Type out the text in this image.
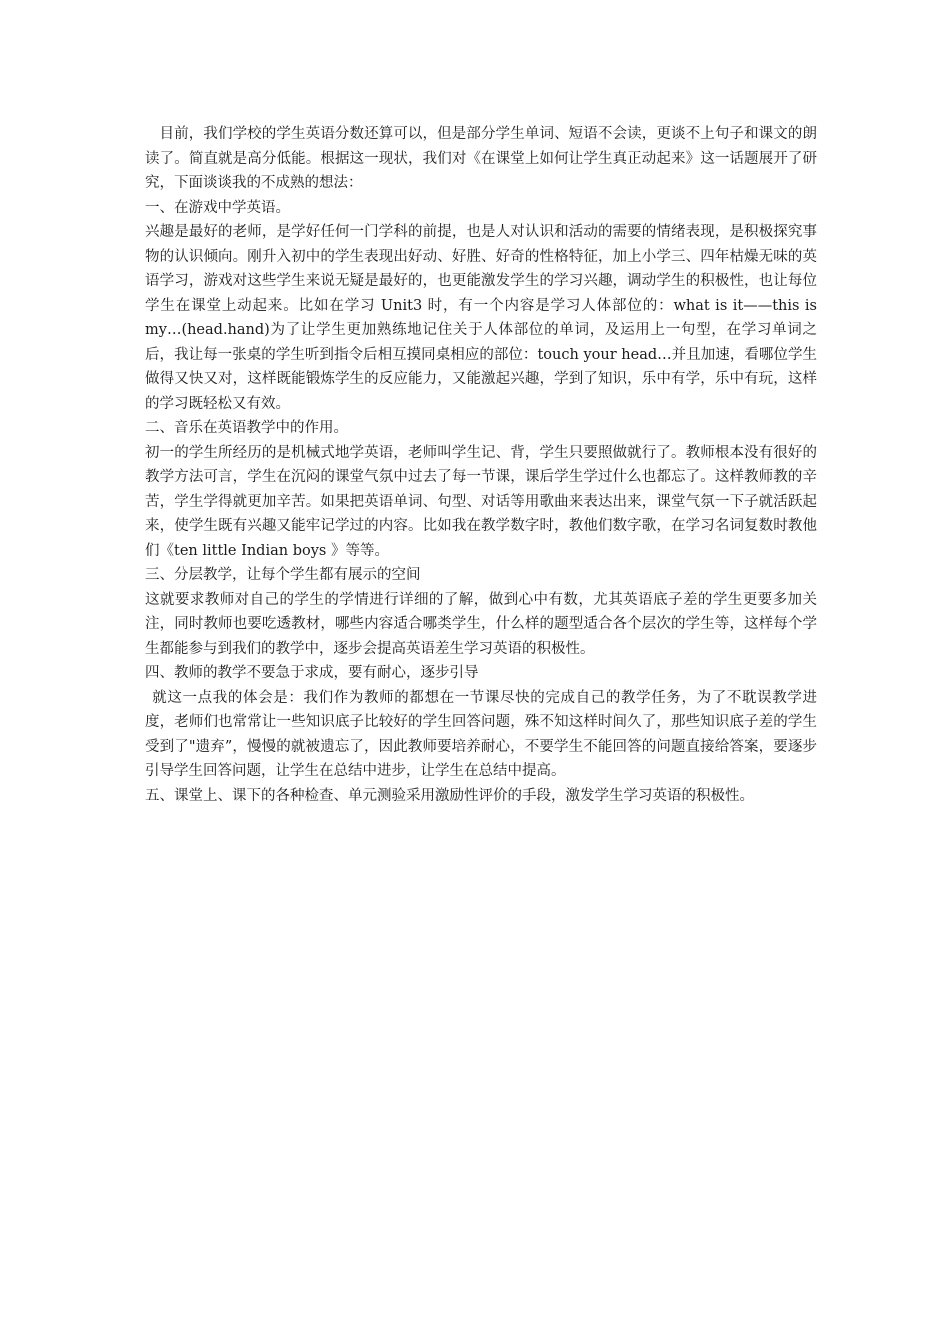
目前，我们学校的学生英语分数还算可以，但是部分学生单词、短语不会读，更谈不上句子和课文的朗读了。简直就是高分低能。根据这一现状，我们对《在课堂上如何让学生真正动起来》这一话题展开了研究，下面谈谈我的不成熟的想法：

一、在游戏中学英语。

兴趣是最好的老师，是学好任何一门学科的前提，也是人对认识和活动的需要的情绪表现，是积极探究事物的认识倾向。刚升入初中的学生表现出好动、好胜、好奇的性格特征，加上小学三、四年枯燥无味的英语学习，游戏对这些学生来说无疑是最好的，也更能激发学生的学习兴趣，调动学生的积极性，也让每位学生在课堂上动起来。比如在学习 Unit3 时，有一个内容是学习人体部位的：what is it——this is my…(head.hand)为了让学生更加熟练地记住关于人体部位的单词，及运用上一句型，在学习单词之后，我让每一张桌的学生听到指令后相互摸同桌相应的部位：touch your head…并且加速，看哪位学生做得又快又对，这样既能锻炼学生的反应能力，又能激起兴趣，学到了知识，乐中有学，乐中有玩，这样的学习既轻松又有效。

二、音乐在英语教学中的作用。

初一的学生所经历的是机械式地学英语，老师叫学生记、背，学生只要照做就行了。教师根本没有很好的教学方法可言，学生在沉闷的课堂气氛中过去了每一节课，课后学生学过什么也都忘了。这样教师教的辛苦，学生学得就更加辛苦。如果把英语单词、句型、对话等用歌曲来表达出来，课堂气氛一下子就活跃起来，使学生既有兴趣又能牢记学过的内容。比如我在教学数字时，教他们数字歌，在学习名词复数时教他们《ten little Indian boys 》等等。

三、分层教学，让每个学生都有展示的空间

这就要求教师对自己的学生的学情进行详细的了解，做到心中有数，尤其英语底子差的学生更要多加关注，同时教师也要吃透教材，哪些内容适合哪类学生，什么样的题型适合各个层次的学生等，这样每个学生都能参与到我们的教学中，逐步会提高英语差生学习英语的积极性。

四、教师的教学不要急于求成，要有耐心，逐步引导

就这一点我的体会是：我们作为教师的都想在一节课尽快的完成自己的教学任务，为了不耽误教学进度，老师们也常常让一些知识底子比较好的学生回答问题，殊不知这样时间久了，那些知识底子差的学生受到了"遗弃”，慢慢的就被遗忘了，因此教师要培养耐心，不要学生不能回答的问题直接给答案，要逐步引导学生回答问题，让学生在总结中进步，让学生在总结中提高。

五、课堂上、课下的各种检查、单元测验采用激励性评价的手段，激发学生学习英语的积极性。
